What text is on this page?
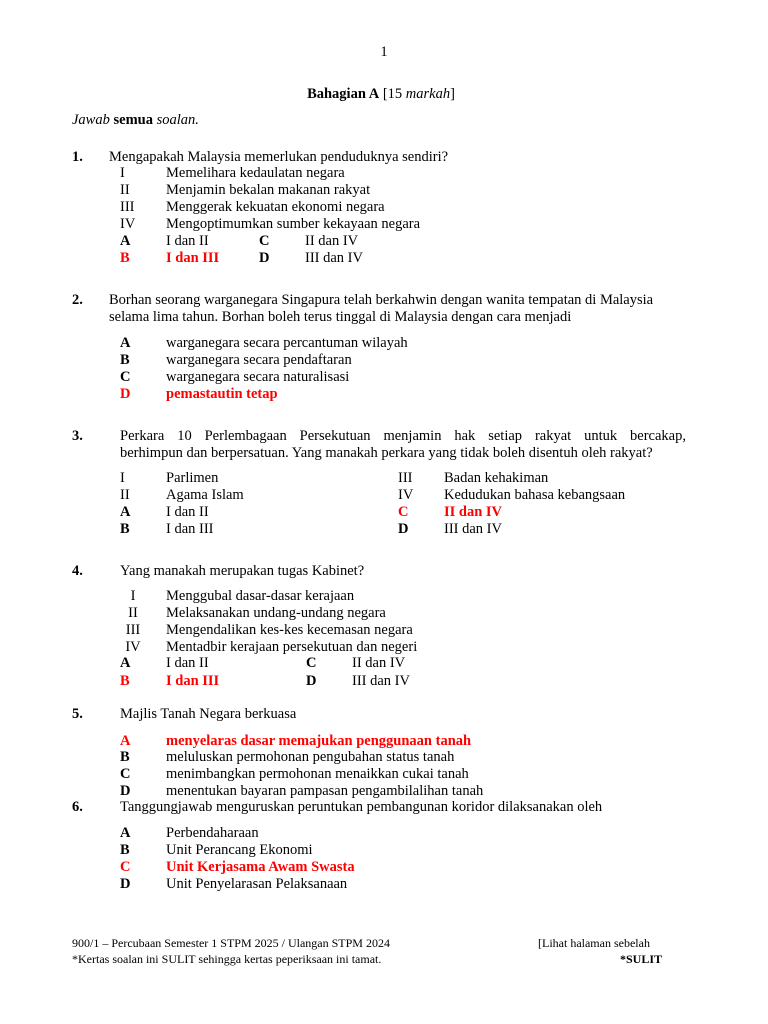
1
Bahagian A [15 markah]
Jawab semua soalan.
1. Mengapakah Malaysia memerlukan penduduknya sendiri?
I	Memelihara kedaulatan negara
II	Menjamin bekalan makanan rakyat
III Menggerak kekuatan ekonomi negara
IV Mengoptimumkan sumber kekayaan negara
A I dan II	C II dan IV
B	I dan III	D III dan IV
2. Borhan seorang warganegara Singapura telah berkahwin dengan wanita tempatan di Malaysia
selama lima tahun. Borhan boleh terus tinggal di Malaysia dengan cara menjadi
A warganegara secara percantuman wilayah
B	warganegara secara pendaftaran
C warganegara secara naturalisasi
D pemastautin tetap
3.	Perkara 10 Perlembagaan Persekutuan menjamin hak setiap rakyat untuk bercakap,
berhimpun dan berpersatuan. Yang manakah perkara yang tidak boleh disentuh oleh rakyat?
I	Parlimen	III Badan kehakiman
II	Agama Islam	IV Kedudukan bahasa kebangsaan
A I dan II	C II dan IV
B	I dan III	D III dan IV
4.	Yang manakah merupakan tugas Kabinet?
I	Menggubal dasar-dasar kerajaan
II	Melaksanakan undang-undang negara
III	Mengendalikan kes-kes kecemasan negara
IV	Mentadbir kerajaan persekutuan dan negeri
A I dan II	C II dan IV
B	I dan III	D III dan IV
5.	Majlis Tanah Negara berkuasa
A menyelaras dasar memajukan penggunaan tanah
B	meluluskan permohonan pengubahan status tanah
C menimbangkan permohonan menaikkan cukai tanah
D menentukan bayaran pampasan pengambilalihan tanah
6.	Tanggungjawab menguruskan peruntukan pembangunan koridor dilaksanakan oleh
A Perbendaharaan
B	Unit Perancang Ekonomi
C Unit Kerjasama Awam Swasta
D Unit Penyelarasan Pelaksanaan
900/1 – Percubaan Semester 1 STPM 2025 / Ulangan STPM 2024	[Lihat halaman sebelah
*Kertas soalan ini SULIT sehingga kertas peperiksaan ini tamat.	*SULIT
